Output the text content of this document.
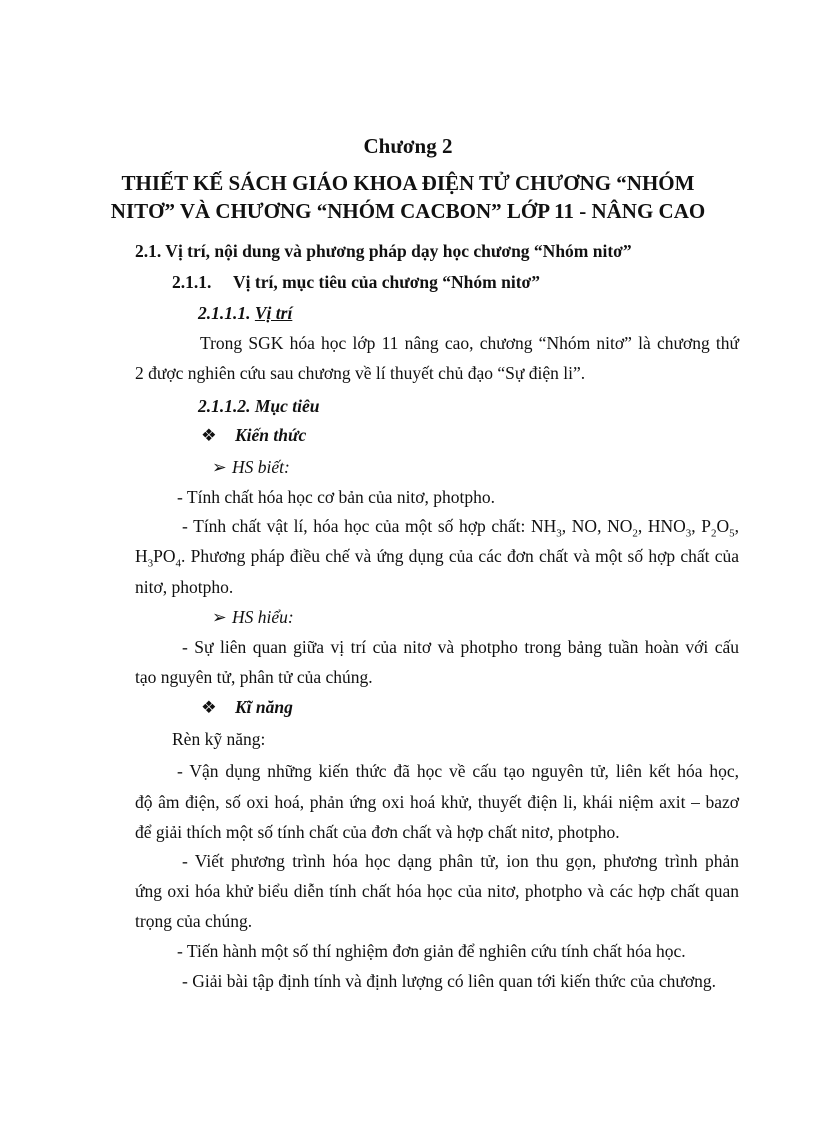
Chương 2
THIẾT KẾ SÁCH GIÁO KHOA ĐIỆN TỬ CHƯƠNG “NHÓM
NITƠ” VÀ CHƯƠNG “NHÓM CACBON” LỚP 11 - NÂNG CAO
2.1. Vị trí, nội dung và phương pháp dạy học chương “Nhóm nitơ”
2.1.1. Vị trí, mục tiêu của chương “Nhóm nitơ”
2.1.1.1. Vị trí
Trong SGK hóa học lớp 11 nâng cao, chương “Nhóm nitơ” là chương thứ
2 được nghiên cứu sau chương về lí thuyết chủ đạo “Sự điện li”.
2.1.1.2. Mục tiêu
❖ Kiến thức
➢ HS biết:
- Tính chất hóa học cơ bản của nitơ, photpho.
- Tính chất vật lí, hóa học của một số hợp chất: $NH_3$, NO, $NO_2$, $HNO_3$, $P_2O_5$,
$H_3PO_4$. Phương pháp điều chế và ứng dụng của các đơn chất và một số hợp chất của
nitơ, photpho.
➢ HS hiểu:
- Sự liên quan giữa vị trí của nitơ và photpho trong bảng tuần hoàn với cấu
tạo nguyên tử, phân tử của chúng.
❖ Kĩ năng
Rèn kỹ năng:
- Vận dụng những kiến thức đã học về cấu tạo nguyên tử, liên kết hóa học,
độ âm điện, số oxi hoá, phản ứng oxi hoá khử, thuyết điện li, khái niệm axit – bazơ
để giải thích một số tính chất của đơn chất và hợp chất nitơ, photpho.
- Viết phương trình hóa học dạng phân tử, ion thu gọn, phương trình phản
ứng oxi hóa khử biểu diễn tính chất hóa học của nitơ, photpho và các hợp chất quan
trọng của chúng.
- Tiến hành một số thí nghiệm đơn giản để nghiên cứu tính chất hóa học.
- Giải bài tập định tính và định lượng có liên quan tới kiến thức của chương.
